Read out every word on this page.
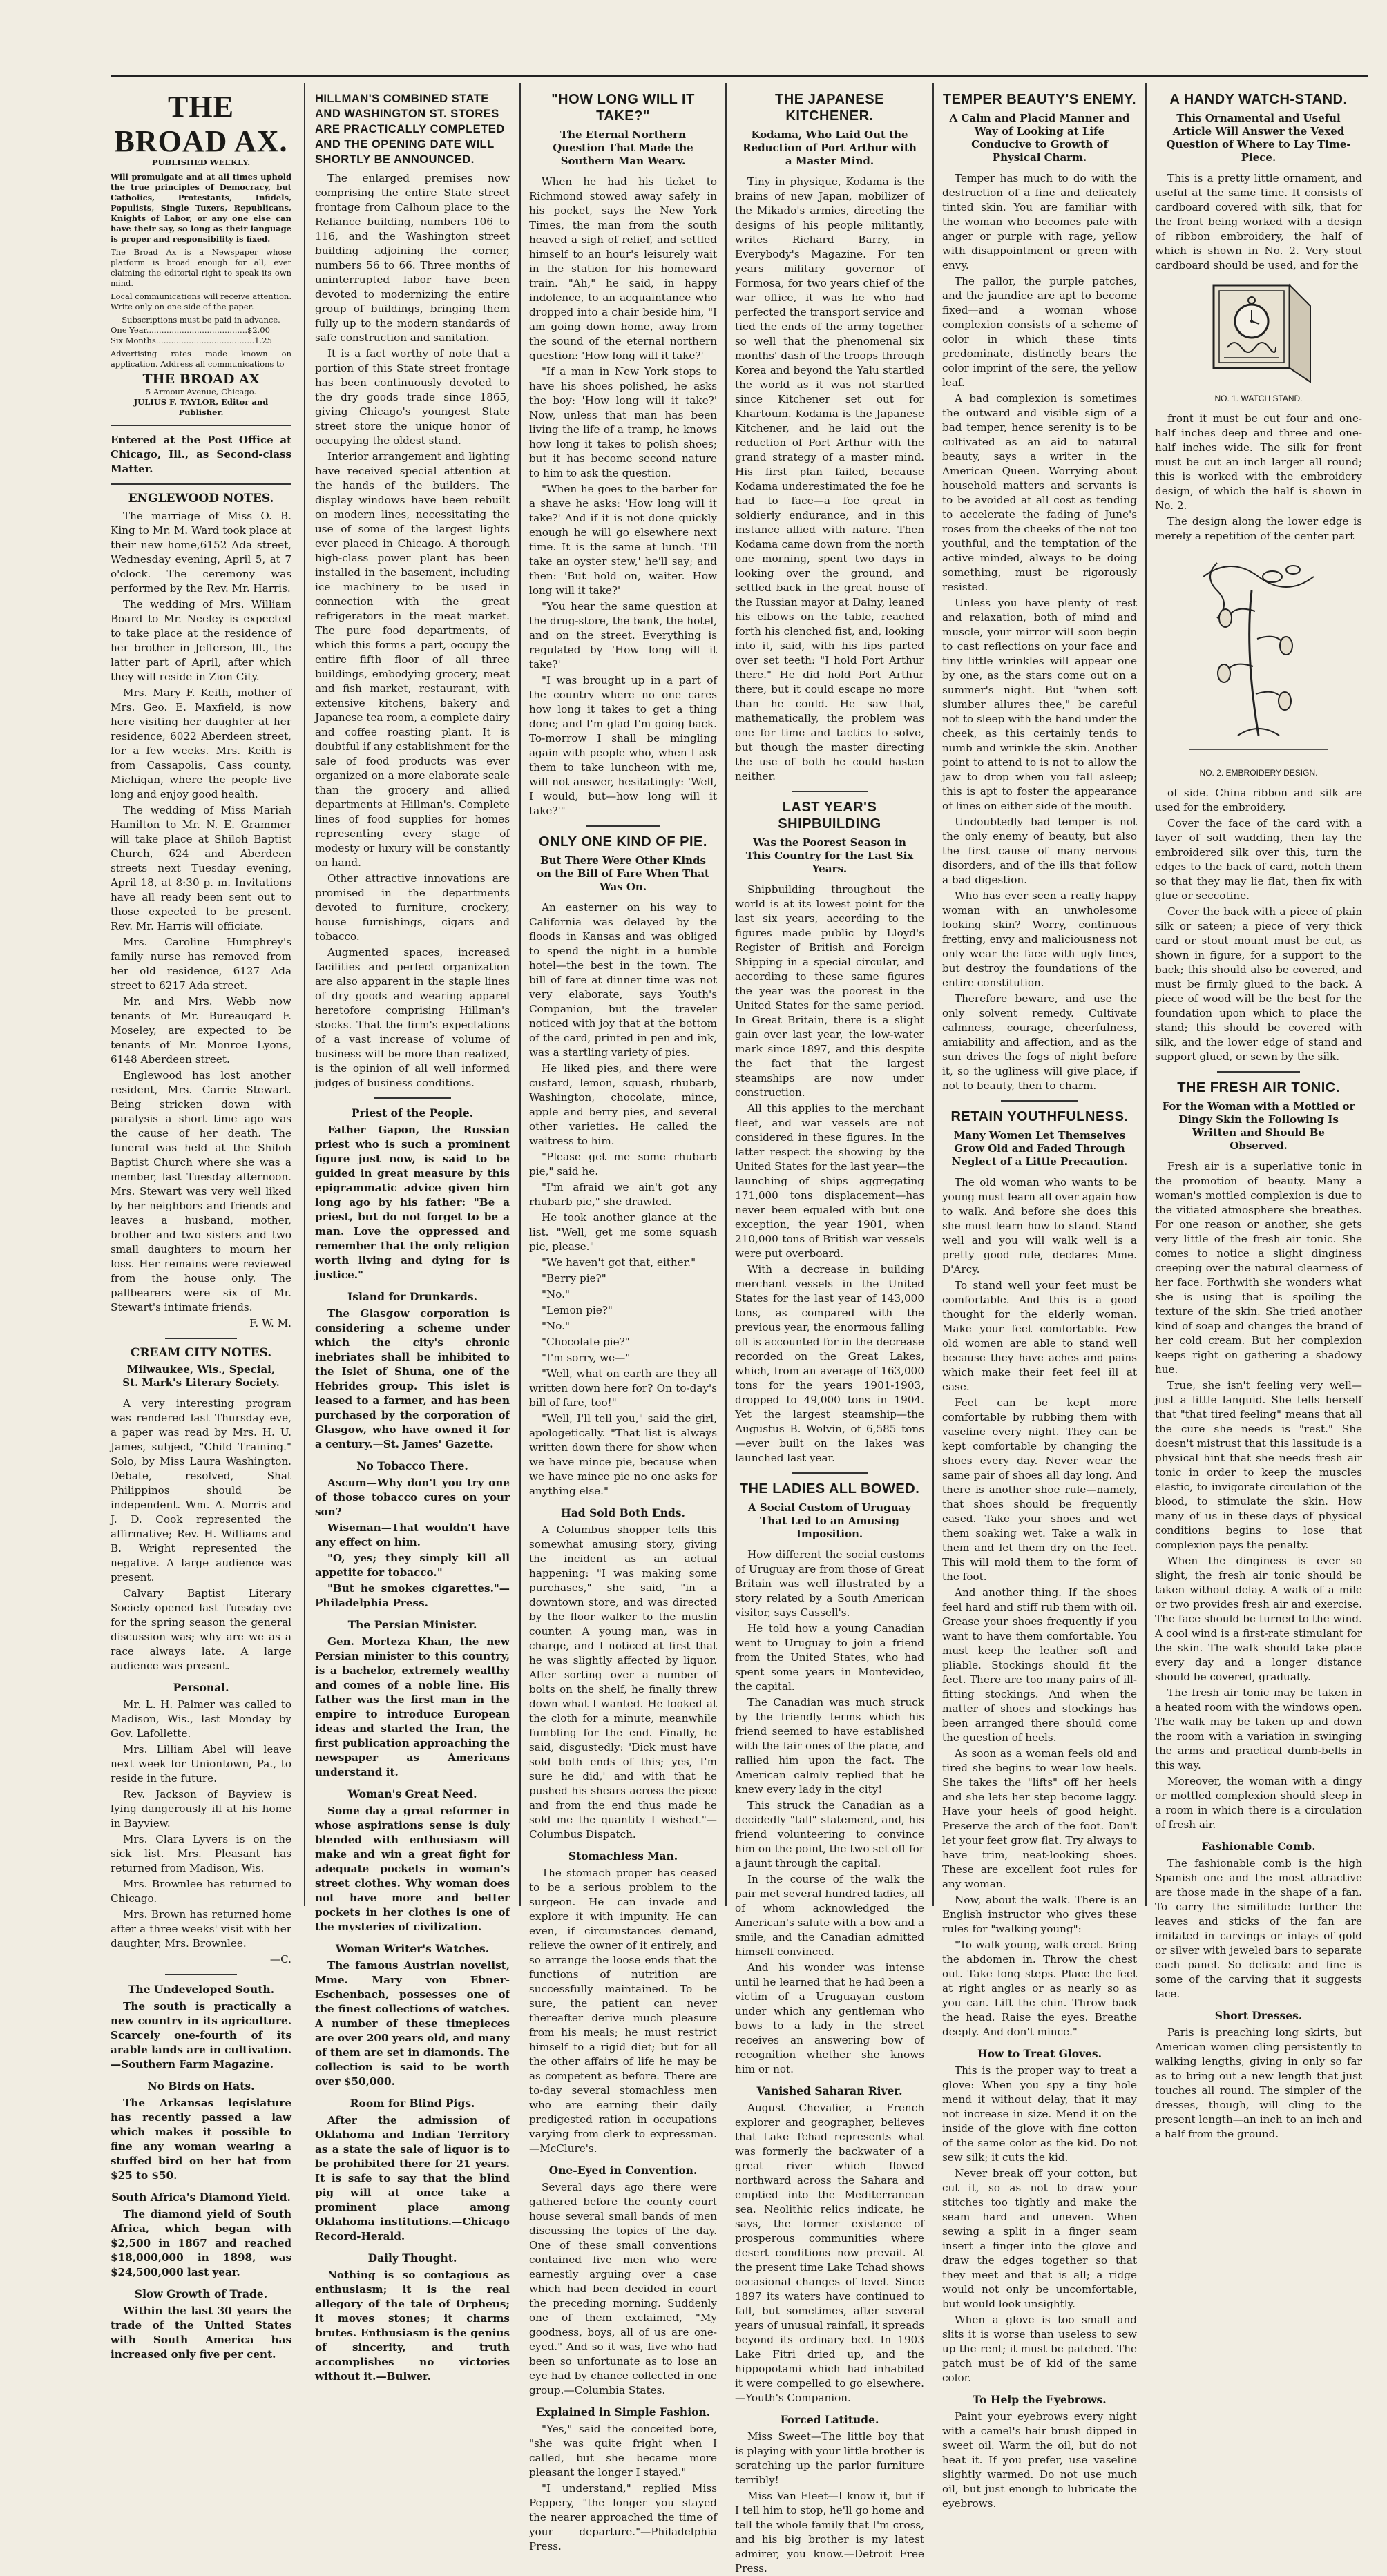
THE BROAD AX.
PUBLISHED WEEKLY.
Will promulgate and at all times uphold the true principles of Democracy, but Catholics, Protestants, Infidels, Populists, Single Tuxers, Republicans, Knights of Labor, or any one else can have their say, so long as their language is proper and responsibility is fixed.
The Broad Ax is a Newspaper whose platform is broad enough for all, ever claiming the editorial right to speak its own mind.
Local communications will receive attention. Write only on one side of the paper.
Subscriptions must be paid in advance.
One Year........................................$2.00
Six Months.......................................1.25
Advertising rates made known on application. Address all communications to
THE BROAD AX
5 Armour Avenue, Chicago.
JULIUS F. TAYLOR, Editor and Publisher.
Entered at the Post Office at Chicago, Ill., as Second-class Matter.
ENGLEWOOD NOTES.

The marriage of Miss O. B. King to Mr. M. Ward took place at their new home,6152 Ada street, Wednesday evening, April 5, at 7 o'clock. The ceremony was performed by the Rev. Mr. Harris.

The wedding of Mrs. William Board to Mr. Neeley is expected to take place at the residence of her brother in Jefferson, Ill., the latter part of April, after which they will reside in Zion City.

Mrs. Mary F. Keith, mother of Mrs. Geo. E. Maxfield, is now here visiting her daughter at her residence, 6022 Aberdeen street, for a few weeks. Mrs. Keith is from Cassapolis, Cass county, Michigan, where the people live long and enjoy good health.

The wedding of Miss Mariah Hamilton to Mr. N. E. Grammer will take place at Shiloh Baptist Church, 624 and Aberdeen streets next Tuesday evening, April 18, at 8:30 p. m. Invitations have all ready been sent out to those expected to be present. Rev. Mr. Harris will officiate.

Mrs. Caroline Humphrey's family nurse has removed from her old residence, 6127 Ada street to 6217 Ada street.

Mr. and Mrs. Webb now tenants of Mr. Bureaugard F. Moseley, are expected to be tenants of Mr. Monroe Lyons, 6148 Aberdeen street.

Englewood has lost another resident, Mrs. Carrie Stewart. Being stricken down with paralysis a short time ago was the cause of her death. The funeral was held at the Shiloh Baptist Church where she was a member, last Tuesday afternoon. Mrs. Stewart was very well liked by her neighbors and friends and leaves a husband, mother, brother and two sisters and two small daughters to mourn her loss. Her remains were reviewed from the house only. The pallbearers were six of Mr. Stewart's intimate friends.

F. W. M.
CREAM CITY NOTES.
Milwaukee, Wis., Special, St. Mark's Literary Society.

A very interesting program was rendered last Thursday eve, a paper was read by Mrs. H. U. James, subject, "Child Training." Solo, by Miss Laura Washington. Debate, resolved, Shat Philippinos should be independent. Wm. A. Morris and J. D. Cook represented the affirmative; Rev. H. Williams and B. Wright represented the negative. A large audience was present.

Calvary Baptist Literary Society opened last Tuesday eve for the spring season the general discussion was; why are we as a race always late. A large audience was present.

Personal.

Mr. L. H. Palmer was called to Madison, Wis., last Monday by Gov. Lafollette.

Mrs. Lilliam Abel will leave next week for Uniontown, Pa., to reside in the future.

Rev. Jackson of Bayview is lying dangerously ill at his home in Bayview.

Mrs. Clara Lyvers is on the sick list. Mrs. Pleasant has returned from Madison, Wis.

Mrs. Brownlee has returned to Chicago.

Mrs. Brown has returned home after a three weeks' visit with her daughter, Mrs. Brownlee.

—C.
The Undeveloped South.

The south is practically a new country in its agriculture. Scarcely one-fourth of its arable lands are in cultivation.—Southern Farm Magazine.

No Birds on Hats.

The Arkansas legislature has recently passed a law which makes it possible to fine any woman wearing a stuffed bird on her hat from $25 to $50.

South Africa's Diamond Yield.

The diamond yield of South Africa, which began with $2,500 in 1867 and reached $18,000,000 in 1898, was $24,500,000 last year.

Slow Growth of Trade.

Within the last 30 years the trade of the United States with South America has increased only five per cent.

HILLMAN'S COMBINED STATE AND WASHINGTON ST. STORES ARE PRACTICALLY COMPLETED AND THE OPENING DATE WILL SHORTLY BE ANNOUNCED.

The enlarged premises now comprising the entire State street frontage from Calhoun place to the Reliance building, numbers 106 to 116, and the Washington street building adjoining the corner, numbers 56 to 66. Three months of uninterrupted labor have been devoted to modernizing the entire group of buildings, bringing them fully up to the modern standards of safe construction and sanitation.

It is a fact worthy of note that a portion of this State street frontage has been continuously devoted to the dry goods trade since 1865, giving Chicago's youngest State street store the unique honor of occupying the oldest stand.

Interior arrangement and lighting have received special attention at the hands of the builders. The display windows have been rebuilt on modern lines, necessitating the use of some of the largest lights ever placed in Chicago. A thorough high-class power plant has been installed in the basement, including ice machinery to be used in connection with the great refrigerators in the meat market. The pure food departments, of which this forms a part, occupy the entire fifth floor of all three buildings, embodying grocery, meat and fish market, restaurant, with extensive kitchens, bakery and Japanese tea room, a complete dairy and coffee roasting plant. It is doubtful if any establishment for the sale of food products was ever organized on a more elaborate scale than the grocery and allied departments at Hillman's. Complete lines of food supplies for homes representing every stage of modesty or luxury will be constantly on hand.

Other attractive innovations are promised in the departments devoted to furniture, crockery, house furnishings, cigars and tobacco.

Augmented spaces, increased facilities and perfect organization are also apparent in the staple lines of dry goods and wearing apparel heretofore comprising Hillman's stocks. That the firm's expectations of a vast increase of volume of business will be more than realized, is the opinion of all well informed judges of business conditions.

Priest of the People.

Father Gapon, the Russian priest who is such a prominent figure just now, is said to be guided in great measure by this epigrammatic advice given him long ago by his father: "Be a priest, but do not forget to be a man. Love the oppressed and remember that the only religion worth living and dying for is justice."

Island for Drunkards.

The Glasgow corporation is considering a scheme under which the city's chronic inebriates shall be inhibited to the Islet of Shuna, one of the Hebrides group. This islet is leased to a farmer, and has been purchased by the corporation of Glasgow, who have owned it for a century.—St. James' Gazette.

No Tobacco There.

Ascum—Why don't you try one of those tobacco cures on your son?

Wiseman—That wouldn't have any effect on him.

"O, yes; they simply kill all appetite for tobacco."

"But he smokes cigarettes."—Philadelphia Press.

The Persian Minister.

Gen. Morteza Khan, the new Persian minister to this country, is a bachelor, extremely wealthy and comes of a noble line. His father was the first man in the empire to introduce European ideas and started the Iran, the first publication approaching the newspaper as Americans understand it.

Woman's Great Need.

Some day a great reformer in whose aspirations sense is duly blended with enthusiasm will make and win a great fight for adequate pockets in woman's street clothes. Why woman does not have more and better pockets in her clothes is one of the mysteries of civilization.

Woman Writer's Watches.

The famous Austrian novelist, Mme. Mary von Ebner-Eschenbach, possesses one of the finest collections of watches. A number of these timepieces are over 200 years old, and many of them are set in diamonds. The collection is said to be worth over $50,000.

Room for Blind Pigs.

After the admission of Oklahoma and Indian Territory as a state the sale of liquor is to be prohibited there for 21 years. It is safe to say that the blind pig will at once take a prominent place among Oklahoma institutions.—Chicago Record-Herald.

Daily Thought.

Nothing is so contagious as enthusiasm; it is the real allegory of the tale of Orpheus; it moves stones; it charms brutes. Enthusiasm is the genius of sincerity, and truth accomplishes no victories without it.—Bulwer.

"HOW LONG WILL IT TAKE?"
The Eternal Northern Question That Made the Southern Man Weary.

When he had his ticket to Richmond stowed away safely in his pocket, says the New York Times, the man from the south heaved a sigh of relief, and settled himself to an hour's leisurely wait in the station for his homeward train. "Ah," he said, in happy indolence, to an acquaintance who dropped into a chair beside him, "I am going down home, away from the sound of the eternal northern question: 'How long will it take?'

"If a man in New York stops to have his shoes polished, he asks the boy: 'How long will it take?' Now, unless that man has been living the life of a tramp, he knows how long it takes to polish shoes; but it has become second nature to him to ask the question.

"When he goes to the barber for a shave he asks: 'How long will it take?' And if it is not done quickly enough he will go elsewhere next time. It is the same at lunch. 'I'll take an oyster stew,' he'll say; and then: 'But hold on, waiter. How long will it take?'

"You hear the same question at the drug-store, the bank, the hotel, and on the street. Everything is regulated by 'How long will it take?'

"I was brought up in a part of the country where no one cares how long it takes to get a thing done; and I'm glad I'm going back. To-morrow I shall be mingling again with people who, when I ask them to take luncheon with me, will not answer, hesitatingly: 'Well, I would, but—how long will it take?'"

ONLY ONE KIND OF PIE.
But There Were Other Kinds on the Bill of Fare When That Was On.

An easterner on his way to California was delayed by the floods in Kansas and was obliged to spend the night in a humble hotel—the best in the town. The bill of fare at dinner time was not very elaborate, says Youth's Companion, but the traveler noticed with joy that at the bottom of the card, printed in pen and ink, was a startling variety of pies.

He liked pies, and there were custard, lemon, squash, rhubarb, Washington, chocolate, mince, apple and berry pies, and several other varieties. He called the waitress to him.

"Please get me some rhubarb pie," said he.

"I'm afraid we ain't got any rhubarb pie," she drawled.

He took another glance at the list. "Well, get me some squash pie, please."

"We haven't got that, either."

"Berry pie?"

"No."

"Lemon pie?"

"No."

"Chocolate pie?"

"I'm sorry, we—"

"Well, what on earth are they all written down here for? On to-day's bill of fare, too!"

"Well, I'll tell you," said the girl, apologetically. "That list is always written down there for show when we have mince pie, because when we have mince pie no one asks for anything else."

Had Sold Both Ends.

A Columbus shopper tells this somewhat amusing story, giving the incident as an actual happening: "I was making some purchases," she said, "in a downtown store, and was directed by the floor walker to the muslin counter. A young man, was in charge, and I noticed at first that he was slightly affected by liquor. After sorting over a number of bolts on the shelf, he finally threw down what I wanted. He looked at the cloth for a minute, meanwhile fumbling for the end. Finally, he said, disgustedly: 'Dick must have sold both ends of this; yes, I'm sure he did,' and with that he pushed his shears across the piece and from the end thus made he sold me the quantity I wished."—Columbus Dispatch.

Stomachless Man.

The stomach proper has ceased to be a serious problem to the surgeon. He can invade and explore it with impunity. He can even, if circumstances demand, relieve the owner of it entirely, and so arrange the loose ends that the functions of nutrition are successfully maintained. To be sure, the patient can never thereafter derive much pleasure from his meals; he must restrict himself to a rigid diet; but for all the other affairs of life he may be as competent as before. There are to-day several stomachless men who are earning their daily predigested ration in occupations varying from clerk to expressman.—McClure's.

One-Eyed in Convention.

Several days ago there were gathered before the county court house several small bands of men discussing the topics of the day. One of these small conventions contained five men who were earnestly arguing over a case which had been decided in court the preceding morning. Suddenly one of them exclaimed, "My goodness, boys, all of us are one-eyed." And so it was, five who had been so unfortunate as to lose an eye had by chance collected in one group.—Columbia States.

Explained in Simple Fashion.

"Yes," said the conceited bore, "she was quite fright when I called, but she became more pleasant the longer I stayed."

"I understand," replied Miss Peppery, "the longer you stayed the nearer approached the time of your departure."—Philadelphia Press.

THE JAPANESE KITCHENER.
Kodama, Who Laid Out the Reduction of Port Arthur with a Master Mind.

Tiny in physique, Kodama is the brains of new Japan, mobilizer of the Mikado's armies, directing the designs of his people militantly, writes Richard Barry, in Everybody's Magazine. For ten years military governor of Formosa, for two years chief of the war office, it was he who had perfected the transport service and tied the ends of the army together so well that the phenomenal six months' dash of the troops through Korea and beyond the Yalu startled the world as it was not startled since Kitchener set out for Khartoum. Kodama is the Japanese Kitchener, and he laid out the reduction of Port Arthur with the grand strategy of a master mind. His first plan failed, because Kodama underestimated the foe he had to face—a foe great in soldierly endurance, and in this instance allied with nature. Then Kodama came down from the north one morning, spent two days in looking over the ground, and settled back in the great house of the Russian mayor at Dalny, leaned his elbows on the table, reached forth his clenched fist, and, looking into it, said, with his lips parted over set teeth: "I hold Port Arthur there." He did hold Port Arthur there, but it could escape no more than he could. He saw that, mathematically, the problem was one for time and tactics to solve, but though the master directing the use of both he could hasten neither.

LAST YEAR'S SHIPBUILDING
Was the Poorest Season in This Country for the Last Six Years.

Shipbuilding throughout the world is at its lowest point for the last six years, according to the figures made public by Lloyd's Register of British and Foreign Shipping in a special circular, and according to these same figures the year was the poorest in the United States for the same period. In Great Britain, there is a slight gain over last year, the low-water mark since 1897, and this despite the fact that the largest steamships are now under construction.

All this applies to the merchant fleet, and war vessels are not considered in these figures. In the latter respect the showing by the United States for the last year—the launching of ships aggregating 171,000 tons displacement—has never been equaled with but one exception, the year 1901, when 210,000 tons of British war vessels were put overboard.

With a decrease in building merchant vessels in the United States for the last year of 143,000 tons, as compared with the previous year, the enormous falling off is accounted for in the decrease recorded on the Great Lakes, which, from an average of 163,000 tons for the years 1901-1903, dropped to 49,000 tons in 1904. Yet the largest steamship—the Augustus B. Wolvin, of 6,585 tons—ever built on the lakes was launched last year.

THE LADIES ALL BOWED.
A Social Custom of Uruguay That Led to an Amusing Imposition.

How different the social customs of Uruguay are from those of Great Britain was well illustrated by a story related by a South American visitor, says Cassell's.

He told how a young Canadian went to Uruguay to join a friend from the United States, who had spent some years in Montevideo, the capital.

The Canadian was much struck by the friendly terms which his friend seemed to have established with the fair ones of the place, and rallied him upon the fact. The American calmly replied that he knew every lady in the city!

This struck the Canadian as a decidedly "tall" statement, and, his friend volunteering to convince him on the point, the two set off for a jaunt through the capital.

In the course of the walk the pair met several hundred ladies, all of whom acknowledged the American's salute with a bow and a smile, and the Canadian admitted himself convinced.

And his wonder was intense until he learned that he had been a victim of a Uruguayan custom under which any gentleman who bows to a lady in the street receives an answering bow of recognition whether she knows him or not.

Vanished Saharan River.

August Chevalier, a French explorer and geographer, believes that Lake Tchad represents what was formerly the backwater of a great river which flowed northward across the Sahara and emptied into the Mediterranean sea. Neolithic relics indicate, he says, the former existence of prosperous communities where desert conditions now prevail. At the present time Lake Tchad shows occasional changes of level. Since 1897 its waters have continued to fall, but sometimes, after several years of unusual rainfall, it spreads beyond its ordinary bed. In 1903 Lake Fitri dried up, and the hippopotami which had inhabited it were compelled to go elsewhere.—Youth's Companion.

Forced Latitude.

Miss Sweet—The little boy that is playing with your little brother is scratching up the parlor furniture terribly!

Miss Van Fleet—I know it, but if I tell him to stop, he'll go home and tell the whole family that I'm cross, and his big brother is my latest admirer, you know.—Detroit Free Press.

TEMPER BEAUTY'S ENEMY.
A Calm and Placid Manner and Way of Looking at Life Conducive to Growth of Physical Charm.

Temper has much to do with the destruction of a fine and delicately tinted skin. You are familiar with the woman who becomes pale with anger or purple with rage, yellow with disappointment or green with envy.

The pallor, the purple patches, and the jaundice are apt to become fixed—and a woman whose complexion consists of a scheme of color in which these tints predominate, distinctly bears the color imprint of the sere, the yellow leaf.

A bad complexion is sometimes the outward and visible sign of a bad temper, hence serenity is to be cultivated as an aid to natural beauty, says a writer in the American Queen. Worrying about household matters and servants is to be avoided at all cost as tending to accelerate the fading of June's roses from the cheeks of the not too youthful, and the temptation of the active minded, always to be doing something, must be rigorously resisted.

Unless you have plenty of rest and relaxation, both of mind and muscle, your mirror will soon begin to cast reflections on your face and tiny little wrinkles will appear one by one, as the stars come out on a summer's night. But "when soft slumber allures thee," be careful not to sleep with the hand under the cheek, as this certainly tends to numb and wrinkle the skin. Another point to attend to is not to allow the jaw to drop when you fall asleep; this is apt to foster the appearance of lines on either side of the mouth.

Undoubtedly bad temper is not the only enemy of beauty, but also the first cause of many nervous disorders, and of the ills that follow a bad digestion.

Who has ever seen a really happy woman with an unwholesome looking skin? Worry, continuous fretting, envy and maliciousness not only wear the face with ugly lines, but destroy the foundations of the entire constitution.

Therefore beware, and use the only solvent remedy. Cultivate calmness, courage, cheerfulness, amiability and affection, and as the sun drives the fogs of night before it, so the ugliness will give place, if not to beauty, then to charm.

RETAIN YOUTHFULNESS.
Many Women Let Themselves Grow Old and Faded Through Neglect of a Little Precaution.

The old woman who wants to be young must learn all over again how to walk. And before she does this she must learn how to stand. Stand well and you will walk well is a pretty good rule, declares Mme. D'Arcy.

To stand well your feet must be comfortable. And this is a good thought for the elderly woman. Make your feet comfortable. Few old women are able to stand well because they have aches and pains which make their feet feel ill at ease.

Feet can be kept more comfortable by rubbing them with vaseline every night. They can be kept comfortable by changing the shoes every day. Never wear the same pair of shoes all day long. And there is another shoe rule—namely, that shoes should be frequently eased. Take your shoes and wet them soaking wet. Take a walk in them and let them dry on the feet. This will mold them to the form of the foot.

And another thing. If the shoes feel hard and stiff rub them with oil. Grease your shoes frequently if you want to have them comfortable. You must keep the leather soft and pliable. Stockings should fit the feet. There are too many pairs of ill-fitting stockings. And when the matter of shoes and stockings has been arranged there should come the question of heels.

As soon as a woman feels old and tired she begins to wear low heels. She takes the "lifts" off her heels and she lets her step become laggy. Have your heels of good height. Preserve the arch of the foot. Don't let your feet grow flat. Try always to have trim, neat-looking shoes. These are excellent foot rules for any woman.

Now, about the walk. There is an English instructor who gives these rules for "walking young":

"To walk young, walk erect. Bring the abdomen in. Throw the chest out. Take long steps. Place the feet at right angles or as nearly so as you can. Lift the chin. Throw back the head. Raise the eyes. Breathe deeply. And don't mince."

How to Treat Gloves.

This is the proper way to treat a glove: When you spy a tiny hole mend it without delay, that it may not increase in size. Mend it on the inside of the glove with fine cotton of the same color as the kid. Do not sew silk; it cuts the kid.

Never break off your cotton, but cut it, so as not to draw your stitches too tightly and make the seam hard and uneven. When sewing a split in a finger seam insert a finger into the glove and draw the edges together so that they meet and that is all; a ridge would not only be uncomfortable, but would look unsightly.

When a glove is too small and slits it is worse than useless to sew up the rent; it must be patched. The patch must be of kid of the same color.

To Help the Eyebrows.

Paint your eyebrows every night with a camel's hair brush dipped in sweet oil. Warm the oil, but do not heat it. If you prefer, use vaseline slightly warmed. Do not use much oil, but just enough to lubricate the eyebrows.

A HANDY WATCH-STAND.
This Ornamental and Useful Article Will Answer the Vexed Question of Where to Lay Time-Piece.

This is a pretty little ornament, and useful at the same time. It consists of cardboard covered with silk, that for the front being worked with a design of ribbon embroidery, the half of which is shown in No. 2. Very stout cardboard should be used, and for the

NO. 1. WATCH STAND.

front it must be cut four and one-half inches deep and three and one-half inches wide. The silk for front must be cut an inch larger all round; this is worked with the embroidery design, of which the half is shown in No. 2.

The design along the lower edge is merely a repetition of the center part

NO. 2. EMBROIDERY DESIGN.

of side. China ribbon and silk are used for the embroidery.

Cover the face of the card with a layer of soft wadding, then lay the embroidered silk over this, turn the edges to the back of card, notch them so that they may lie flat, then fix with glue or seccotine.

Cover the back with a piece of plain silk or sateen; a piece of very thick card or stout mount must be cut, as shown in figure, for a support to the back; this should also be covered, and must be firmly glued to the back. A piece of wood will be the best for the foundation upon which to place the stand; this should be covered with silk, and the lower edge of stand and support glued, or sewn by the silk.

THE FRESH AIR TONIC.
For the Woman with a Mottled or Dingy Skin the Following Is Written and Should Be Observed.

Fresh air is a superlative tonic in the promotion of beauty. Many a woman's mottled complexion is due to the vitiated atmosphere she breathes. For one reason or another, she gets very little of the fresh air tonic. She comes to notice a slight dinginess creeping over the natural clearness of her face. Forthwith she wonders what she is using that is spoiling the texture of the skin. She tried another kind of soap and changes the brand of her cold cream. But her complexion keeps right on gathering a shadowy hue.

True, she isn't feeling very well—just a little languid. She tells herself that "that tired feeling" means that all the cure she needs is "rest." She doesn't mistrust that this lassitude is a physical hint that she needs fresh air tonic in order to keep the muscles elastic, to invigorate circulation of the blood, to stimulate the skin. How many of us in these days of physical conditions begins to lose that complexion pays the penalty.

When the dinginess is ever so slight, the fresh air tonic should be taken without delay. A walk of a mile or two provides fresh air and exercise. The face should be turned to the wind. A cool wind is a first-rate stimulant for the skin. The walk should take place every day and a longer distance should be covered, gradually.

The fresh air tonic may be taken in a heated room with the windows open. The walk may be taken up and down the room with a variation in swinging the arms and practical dumb-bells in this way.

Moreover, the woman with a dingy or mottled complexion should sleep in a room in which there is a circulation of fresh air.

Fashionable Comb.

The fashionable comb is the high Spanish one and the most attractive are those made in the shape of a fan. To carry the similitude further the leaves and sticks of the fan are imitated in carvings or inlays of gold or silver with jeweled bars to separate each panel. So delicate and fine is some of the carving that it suggests lace.

Short Dresses.

Paris is preaching long skirts, but American women cling persistently to walking lengths, giving in only so far as to bring out a new length that just touches all round. The simpler of the dresses, though, will cling to the present length—an inch to an inch and a half from the ground.
